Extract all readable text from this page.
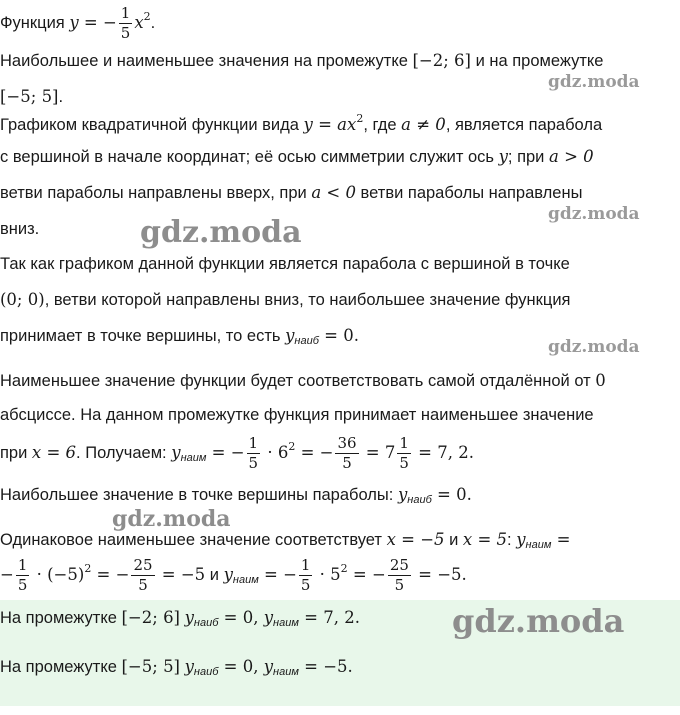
Функция y = − $\frac{1}{5} x^2$.
Наибольшее и наименьшее значения на промежутке [−2; 6] и на промежутке
[−5; 5].
Графиком квадратичной функции вида $y = ax^2$, где a ≠ 0, является парабола
с вершиной в начале координат; её осью симметрии служит ось y; при a > 0
ветви параболы направлены вверх, при a < 0 ветви параболы направлены
вниз.
Так как графиком данной функции является парабола с вершиной в точке
(0; 0), ветви которой направлены вниз, то наибольшее значение функция
принимает в точке вершины, то есть $y_{наиб} = 0$.
Наименьшее значение функции будет соответствовать самой отдалённой от 0
абсциссе. На данном промежутке функция принимает наименьшее значение
при x = 6. Получаем: $y_{наим}$ = − $\frac{1}{5} \cdot 6^2$ = − $\frac{36}{5} = 7 \frac{1}{5} = 7$, 2.
Наибольшее значение в точке вершины параболы: $y_{наиб} = 0$.
Одинаковое наименьшее значение соответствует x = −5 и x = 5: $y_{наим}$ =
− $\frac{1}{5} \cdot (-5)^2$ = − $\frac{25}{5} = -5$ и $y_{наим}$ = − $\frac{1}{5} \cdot 5^2$ = − $\frac{25}{5} = -5$.
На промежутке [−2; 6] $y_{наиб} = 0$, $y_{наим} = 7$, 2.
На промежутке [−5; 5] $y_{наиб} = 0$, $y_{наим} = -5$.
gdz.moda
gdz.moda
gdz.moda
gdz.moda
gdz.moda
gdz.moda
